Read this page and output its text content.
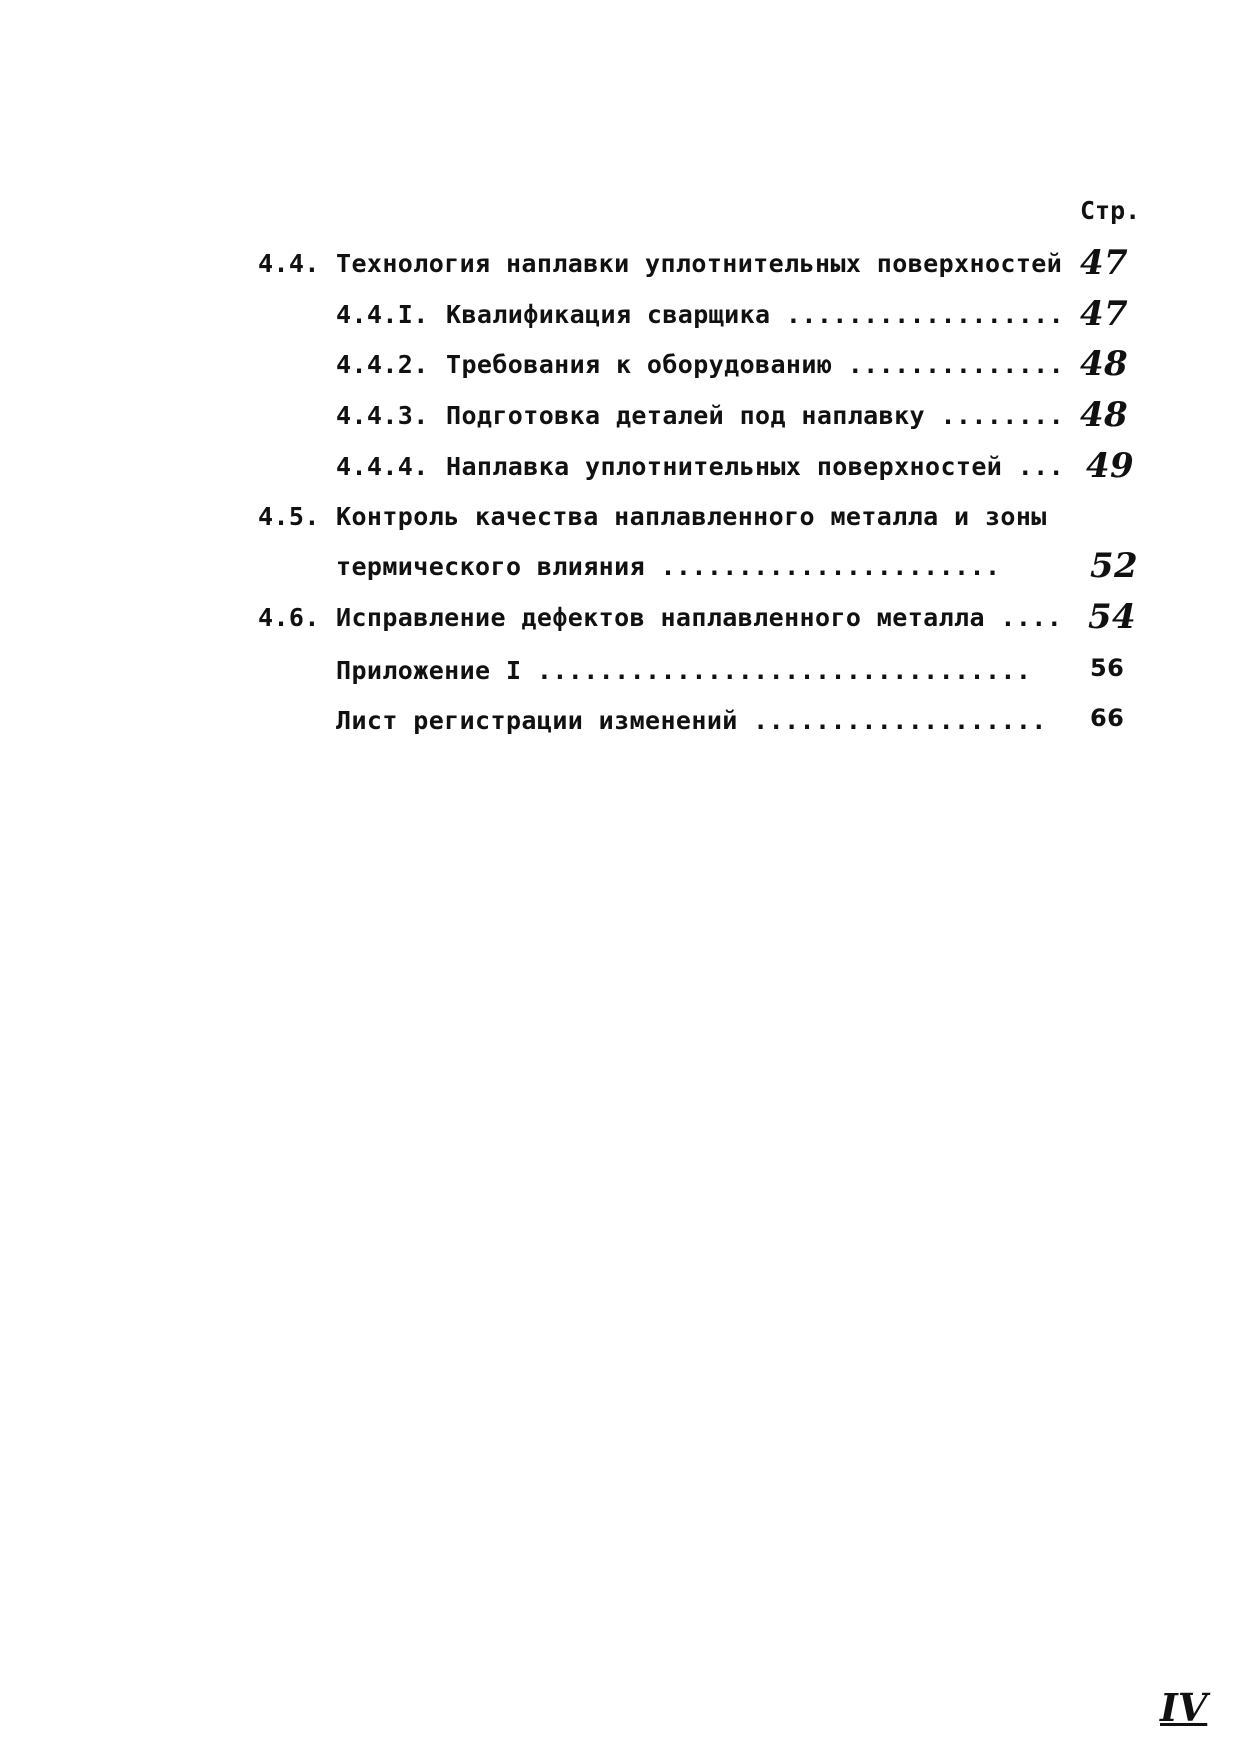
Стр.
4.4. Технология наплавки уплотнительных поверхностей 47
4.4.I. Квалификация сварщика .................. 47
4.4.2. Требования к оборудованию .............. 48
4.4.3. Подготовка деталей под наплавку ........ 48
4.4.4. Наплавка уплотнительных поверхностей ... 49
4.5. Контроль качества наплавленного металла и зоны
термического влияния ......................	52
4.6. Исправление дефектов наплавленного металла .... 54
Приложение I ................................ 56
Лист регистрации изменений ................... 66
IV
